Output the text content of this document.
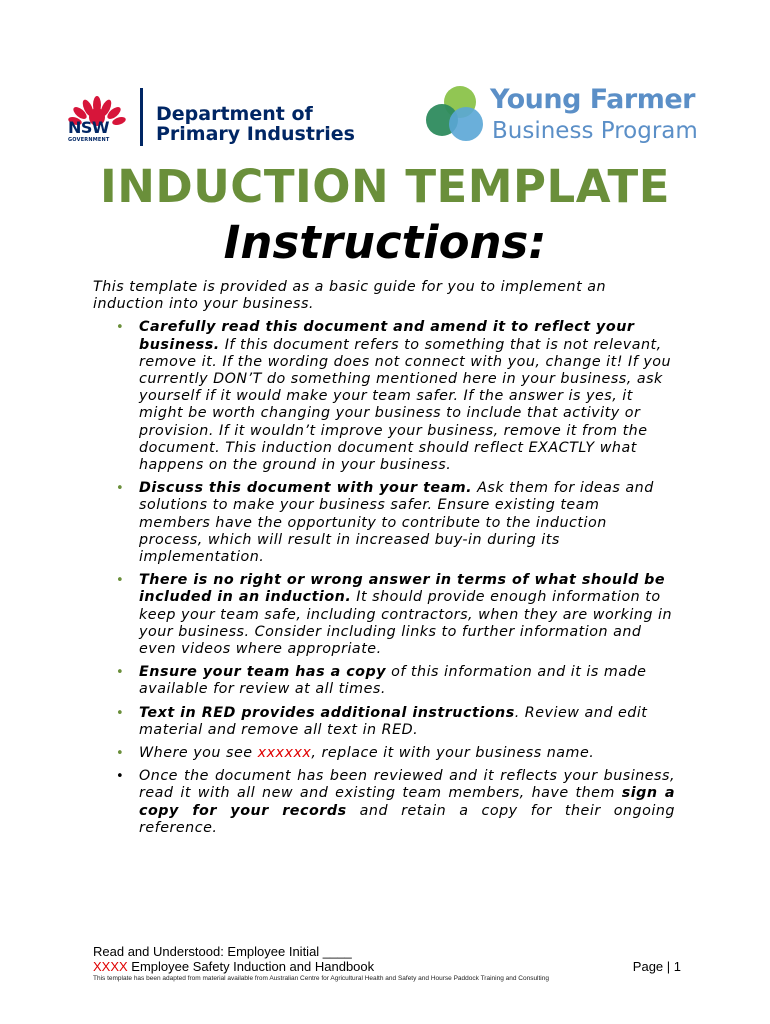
NSW
GOVERNMENT
Department of
Primary Industries
Young Farmer
Business Program
INDUCTION TEMPLATE
Instructions:

This template is provided as a basic guide for you to implement an induction into your business.

• Carefully read this document and amend it to reflect your business. If this document refers to something that is not relevant, remove it. If the wording does not connect with you, change it! If you currently DON’T do something mentioned here in your business, ask yourself if it would make your team safer. If the answer is yes, it might be worth changing your business to include that activity or provision. If it wouldn’t improve your business, remove it from the document. This induction document should reflect EXACTLY what happens on the ground in your business.
• Discuss this document with your team. Ask them for ideas and solutions to make your business safer. Ensure existing team members have the opportunity to contribute to the induction process, which will result in increased buy-in during its implementation.
• There is no right or wrong answer in terms of what should be included in an induction. It should provide enough information to keep your team safe, including contractors, when they are working in your business. Consider including links to further information and even videos where appropriate.
• Ensure your team has a copy of this information and it is made available for review at all times.
• Text in RED provides additional instructions. Review and edit material and remove all text in RED.
• Where you see xxxxxx, replace it with your business name.
• Once the document has been reviewed and it reflects your business, read it with all new and existing team members, have them sign a copy for your records and retain a copy for their ongoing reference.
Read and Understood: Employee Initial ____
XXXX Employee Safety Induction and Handbook
This template has been adapted from material available from Australian Centre for Agricultural Health and Safety and Hourse Paddock Training and Consulting
Page | 1
